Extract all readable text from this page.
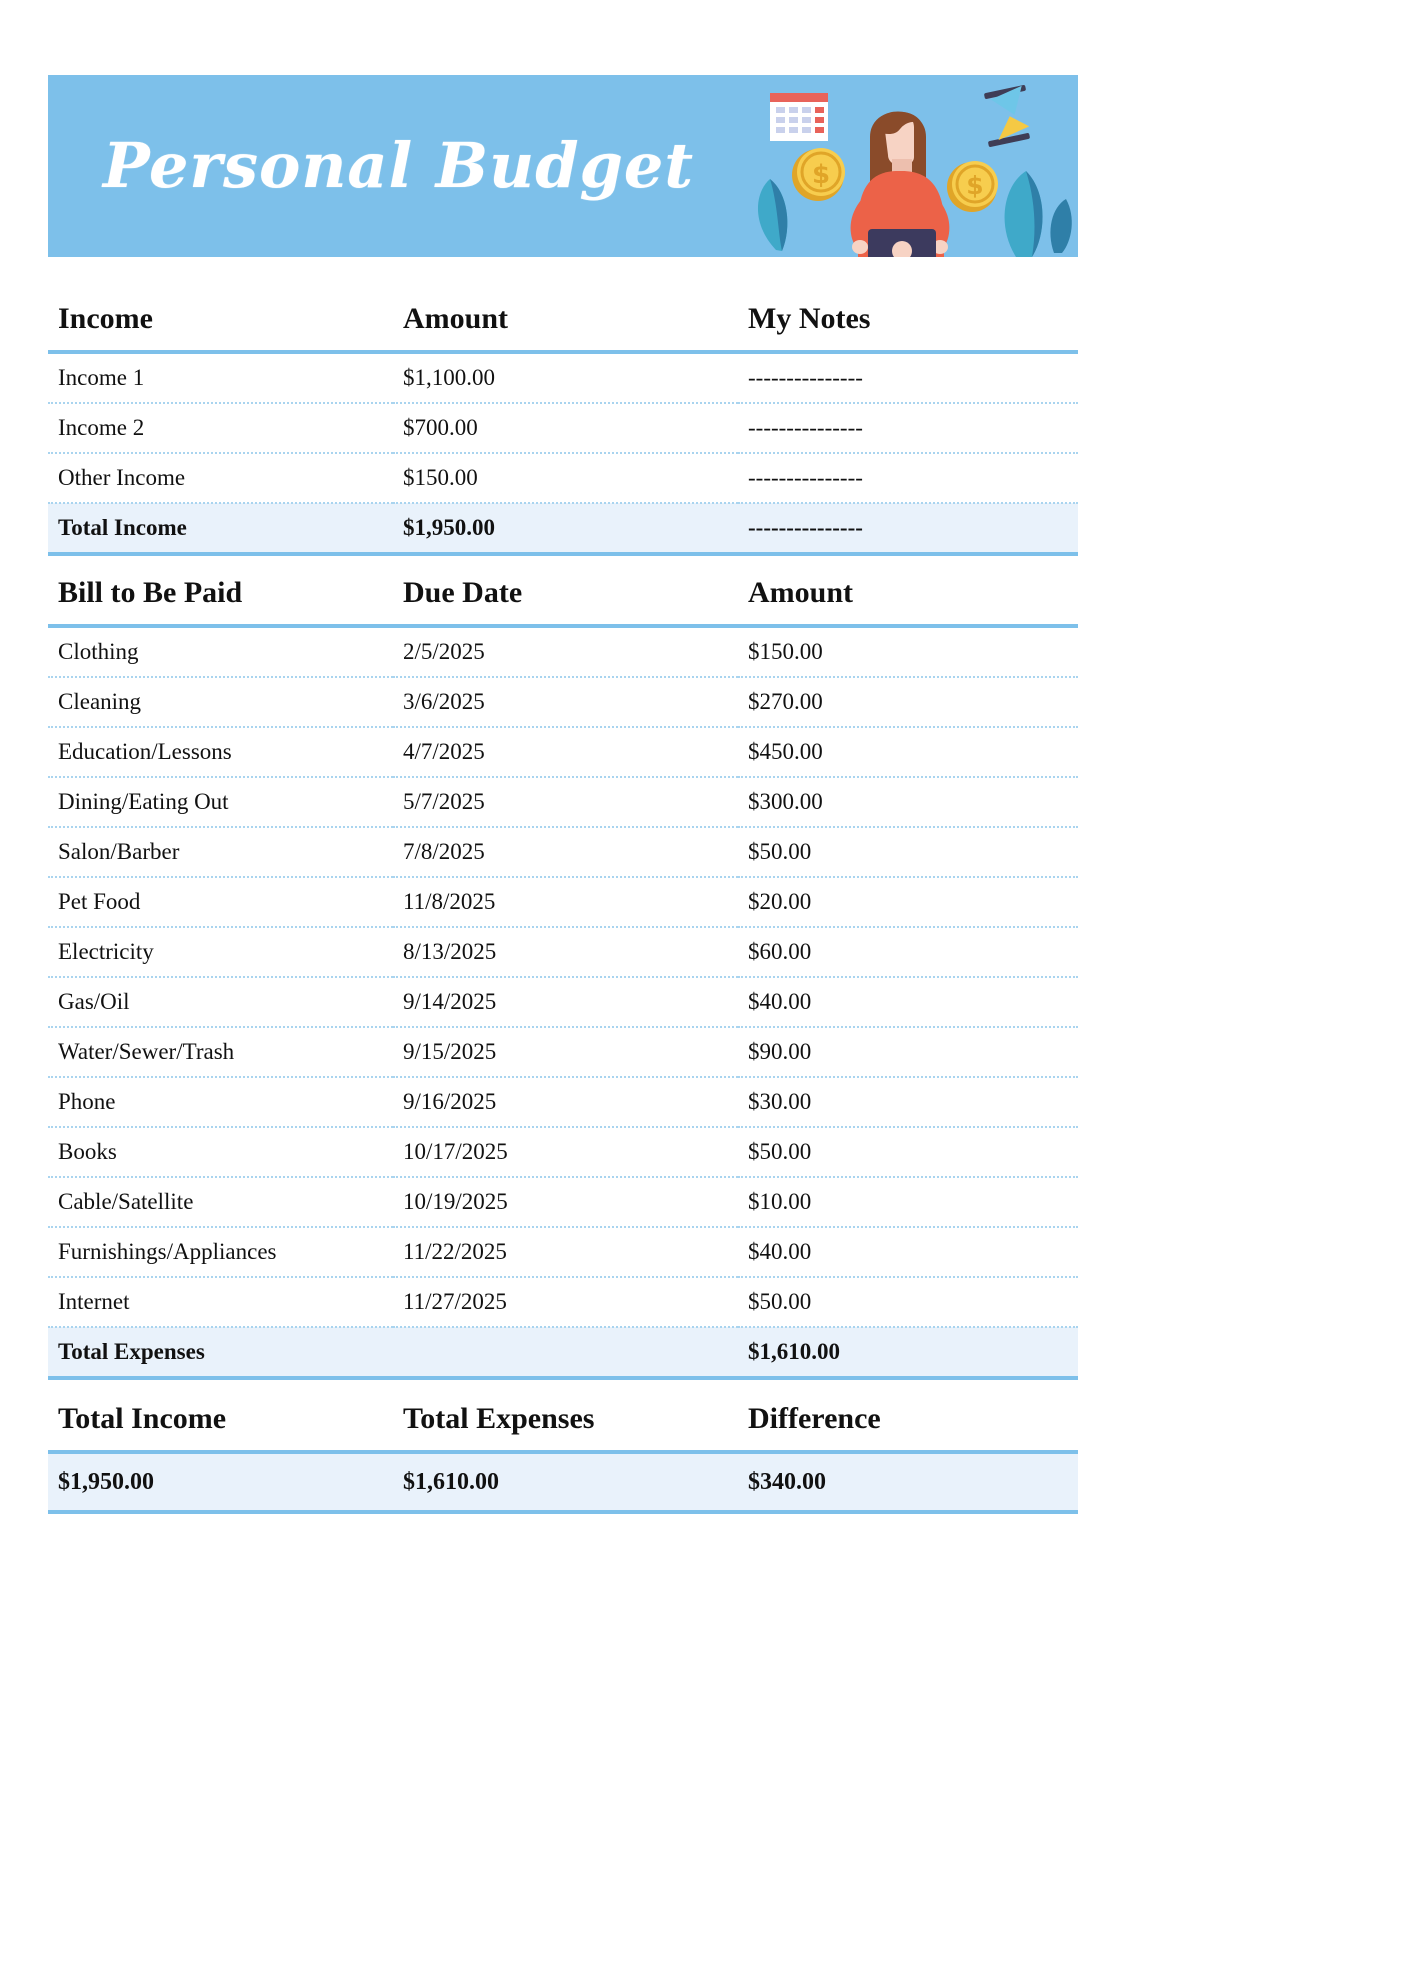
Personal Budget	$	$
Income	Amount	My Notes
Income 1	$1,100.00	---------------
Income 2	$700.00	---------------
Other Income	$150.00	---------------
Total Income	$1,950.00	---------------
Bill to Be Paid	Due Date	Amount
Clothing	2/5/2025	$150.00
Cleaning	3/6/2025	$270.00
Education/Lessons	4/7/2025	$450.00
Dining/Eating Out	5/7/2025	$300.00
Salon/Barber	7/8/2025	$50.00
Pet Food	11/8/2025	$20.00
Electricity	8/13/2025	$60.00
Gas/Oil	9/14/2025	$40.00
Water/Sewer/Trash	9/15/2025	$90.00
Phone	9/16/2025	$30.00
Books	10/17/2025	$50.00
Cable/Satellite	10/19/2025	$10.00
Furnishings/Appliances	11/22/2025	$40.00
Internet	11/27/2025	$50.00
Total Expenses		$1,610.00
Total Income	Total Expenses	Difference
$1,950.00	$1,610.00	$340.00
